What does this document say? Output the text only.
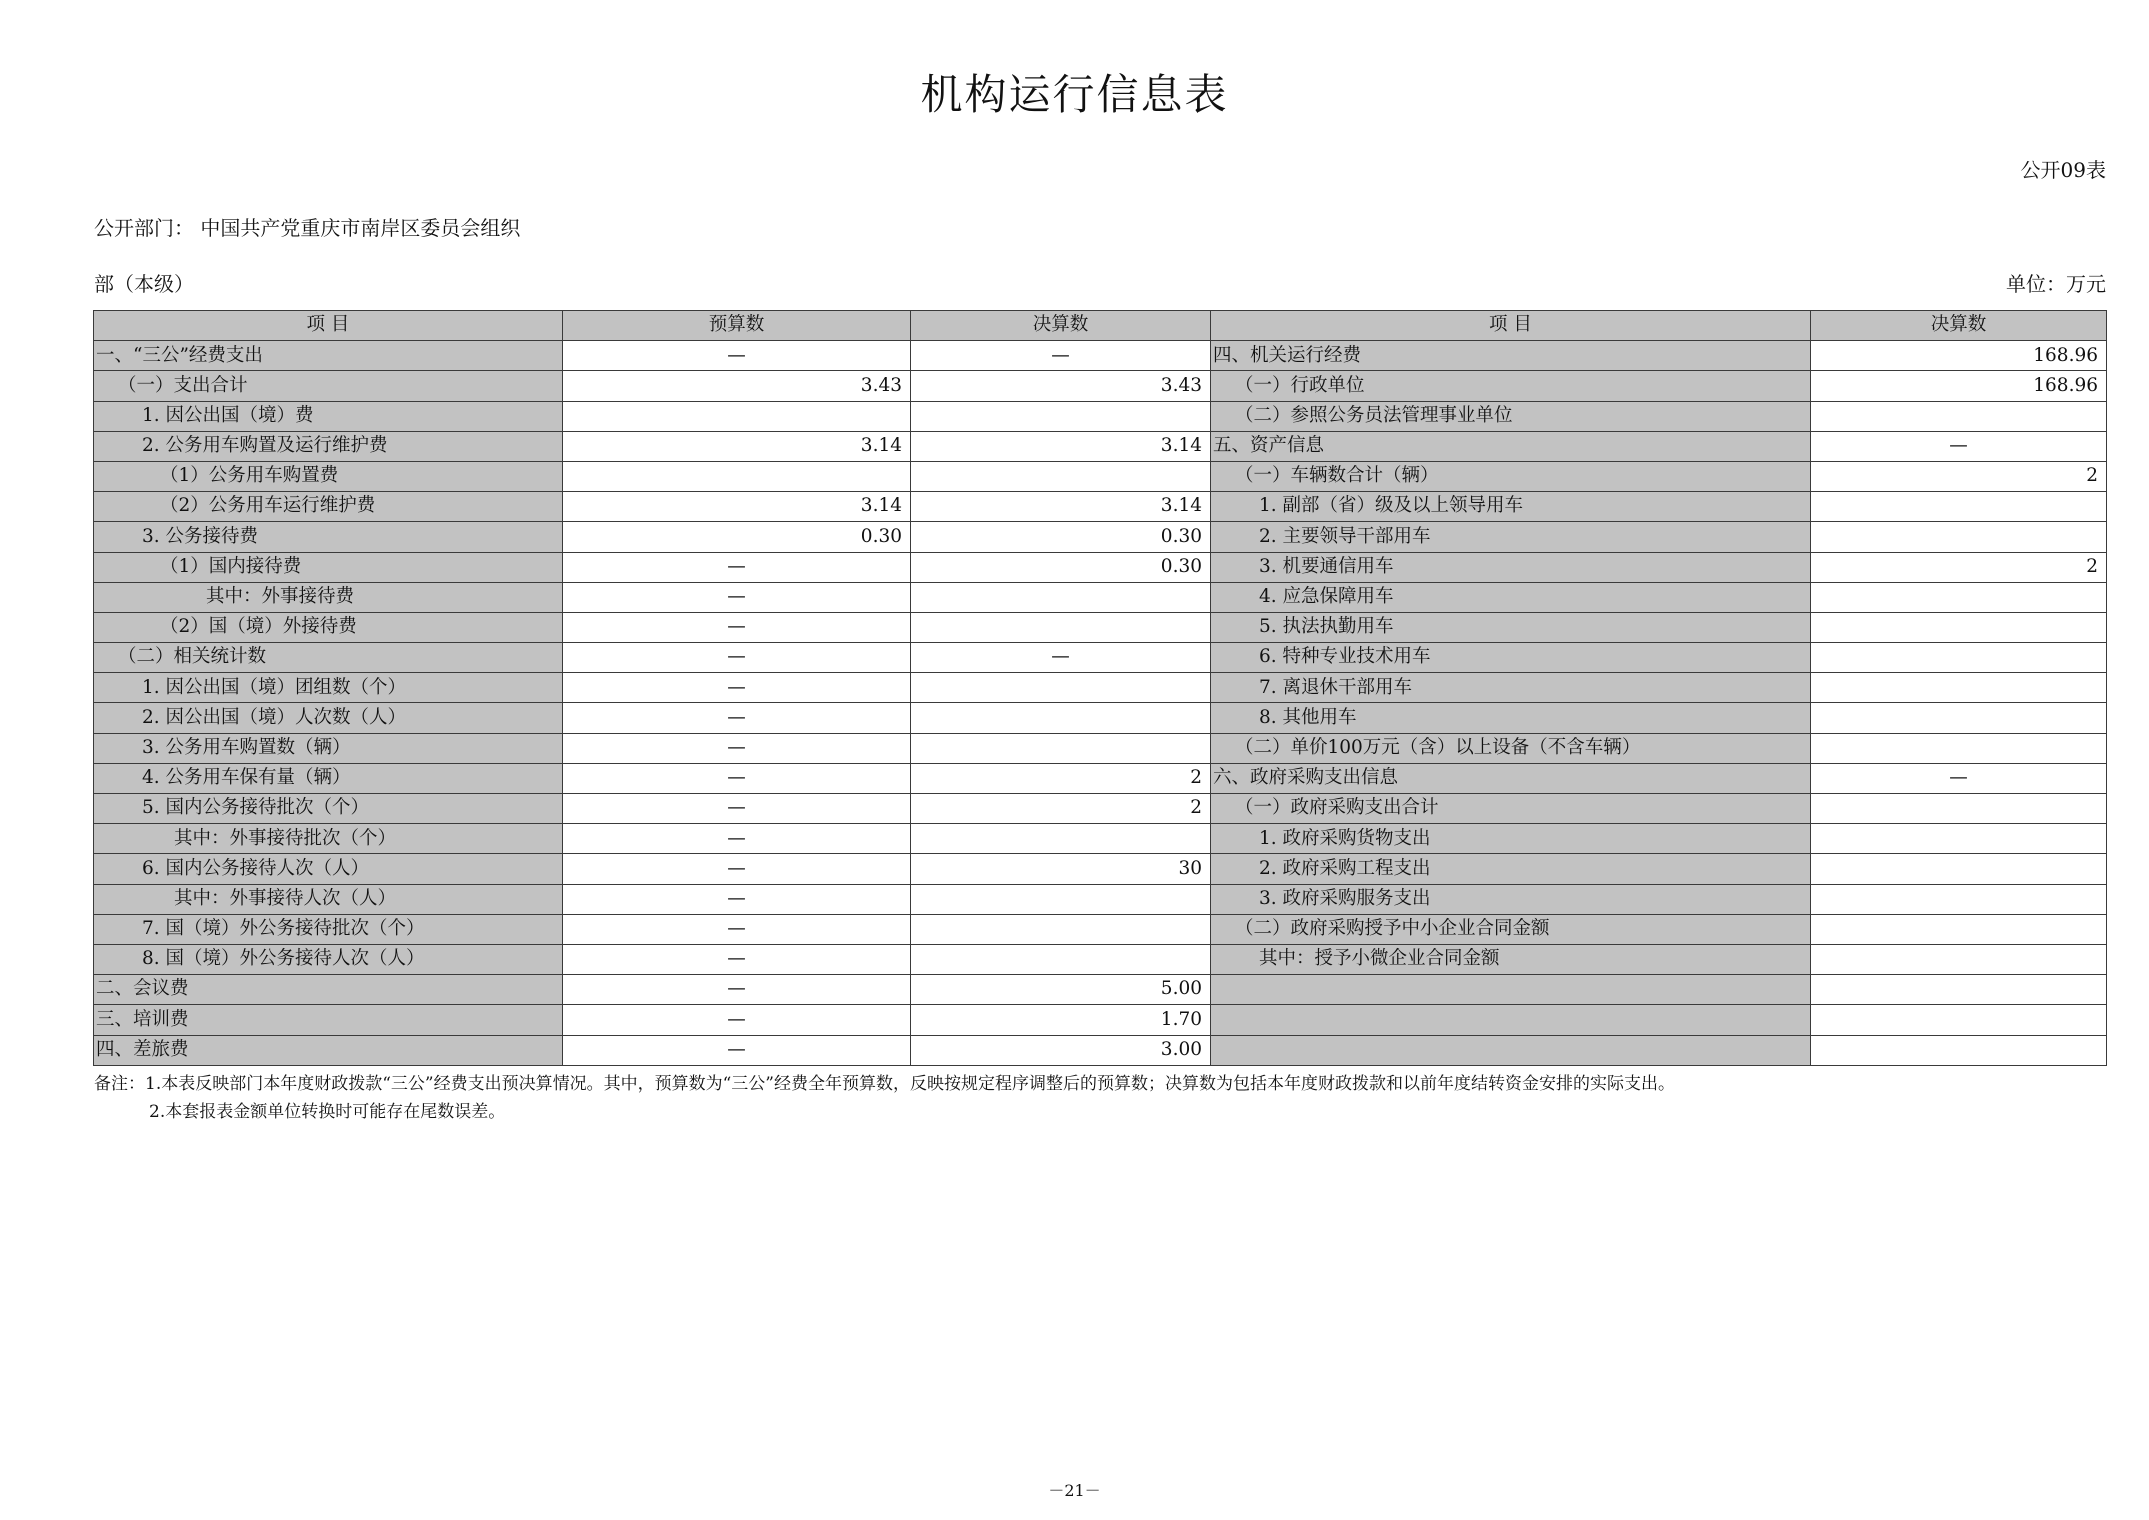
机构运行信息表
公开09表
公开部门： 中国共产党重庆市南岸区委员会组织
部（本级）	单位：万元
项 目	预算数	决算数	项 目	决算数
一、“三公”经费支出	—	—	四、机关运行经费	168.96
（一）支出合计	3.43	3.43	（一）行政单位	168.96
1. 因公出国（境）费			（二）参照公务员法管理事业单位	
2. 公务用车购置及运行维护费	3.14	3.14	五、资产信息	—
（1）公务用车购置费			（一）车辆数合计（辆）	2
（2）公务用车运行维护费	3.14	3.14	1. 副部（省）级及以上领导用车	
3. 公务接待费	0.30	0.30	2. 主要领导干部用车	
（1）国内接待费	—	0.30	3. 机要通信用车	2
其中：外事接待费	—		4. 应急保障用车	
（2）国（境）外接待费	—		5. 执法执勤用车	
（二）相关统计数	—	—	6. 特种专业技术用车	
1. 因公出国（境）团组数（个）	—		7. 离退休干部用车	
2. 因公出国（境）人次数（人）	—		8. 其他用车	
3. 公务用车购置数（辆）	—		（二）单价100万元（含）以上设备（不含车辆）	
4. 公务用车保有量（辆）	—	2	六、政府采购支出信息	—
5. 国内公务接待批次（个）	—	2	（一）政府采购支出合计	
其中：外事接待批次（个）	—		1. 政府采购货物支出	
6. 国内公务接待人次（人）	—	30	2. 政府采购工程支出	
其中：外事接待人次（人）	—		3. 政府采购服务支出	
7. 国（境）外公务接待批次（个）	—		（二）政府采购授予中小企业合同金额	
8. 国（境）外公务接待人次（人）	—		其中：授予小微企业合同金额	
二、会议费	—	5.00		
三、培训费	—	1.70		
四、差旅费	—	3.00		
备注：1.本表反映部门本年度财政拨款“三公”经费支出预决算情况。其中，预算数为“三公”经费全年预算数，反映按规定程序调整后的预算数；决算数为包括本年度财政拨款和以前年度结转资金安排的实际支出。
2.本套报表金额单位转换时可能存在尾数误差。
－21－
